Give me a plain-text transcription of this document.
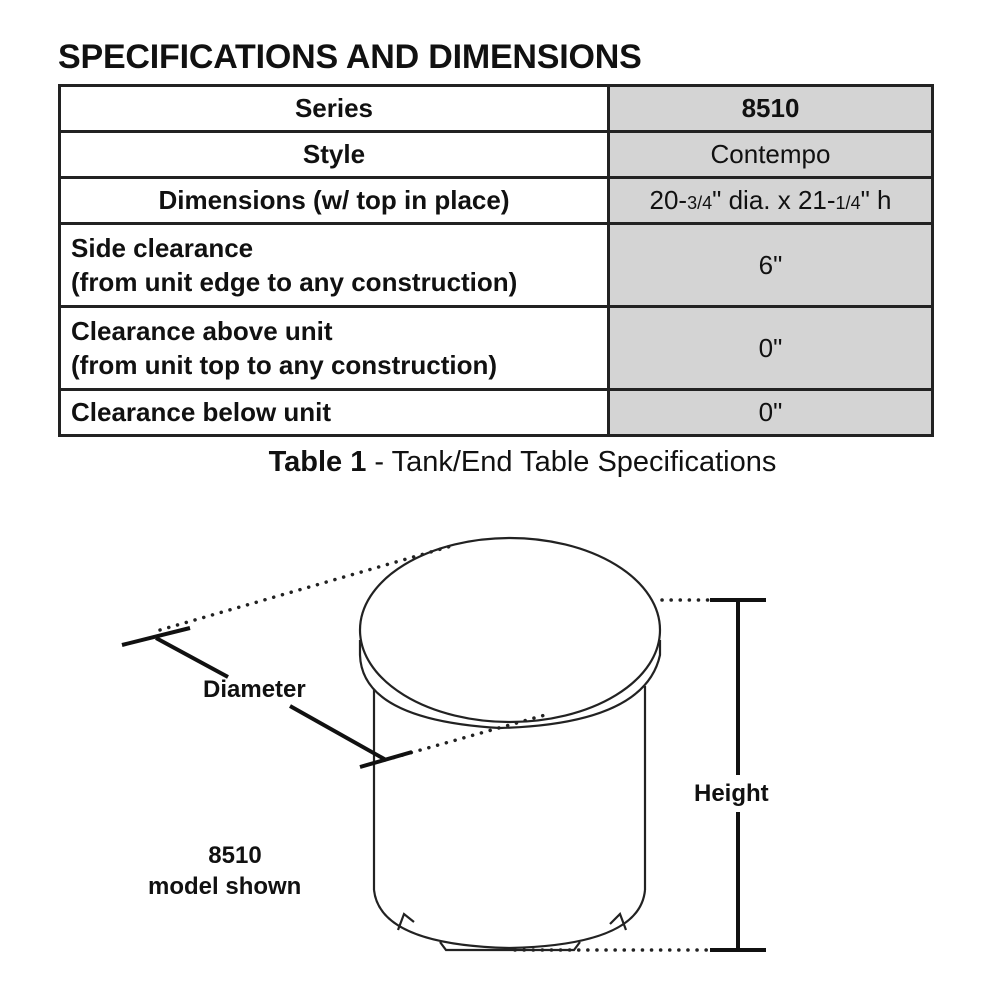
SPECIFICATIONS AND DIMENSIONS
Series	8510
Style	Contempo
Dimensions (w/ top in place)	20-3/4" dia. x 21-1/4" h

Side clearance
(from unit edge to any construction)	6"

Clearance above unit
(from unit top to any construction)	0"
Clearance below unit	0"
Table 1 - Tank/End Table Specifications
Diameter
Height
8510
model shown
